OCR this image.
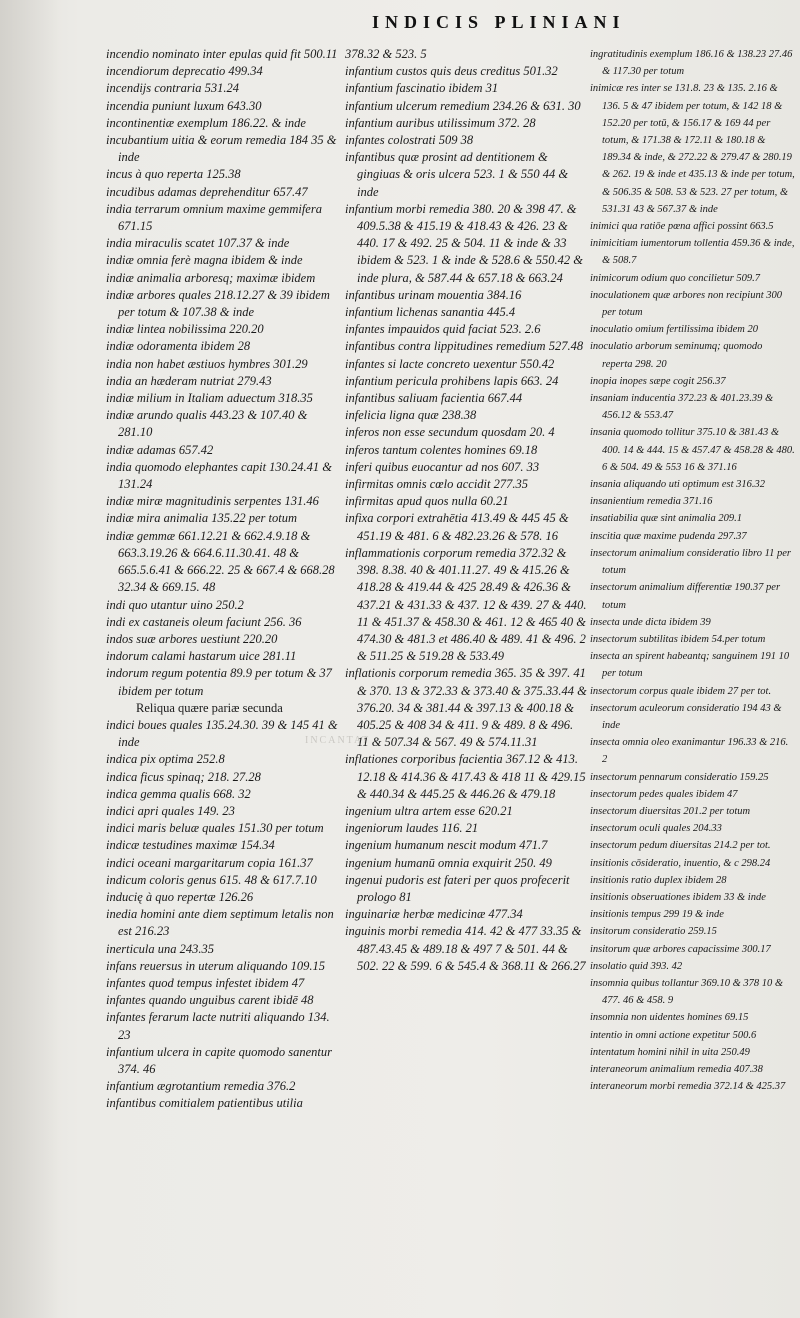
INDICIS PLINIANI
INCANTAT

incendio nominato inter epulas quid fit 500.11

incendiorum deprecatio 499.34

incendijs contraria 531.24

incendia puniunt luxum 643.30

incontinentiæ exemplum 186.22. & inde

incubantium uitia & eorum remedia 184 35 & inde

incus à quo reperta 125.38

incudibus adamas deprehenditur 657.47

india terrarum omnium maxime gemmifera 671.15

india miraculis scatet 107.37 & inde

indiæ omnia ferè magna ibidem & inde

indiæ animalia arboresq; maximæ ibidem

indiæ arbores quales 218.12.27 & 39 ibidem per totum & 107.38 & inde

indiæ lintea nobilissima 220.20

indiæ odoramenta ibidem 28

india non habet æstiuos hymbres 301.29

india an hæderam nutriat 279.43

indiæ milium in Italiam aduectum 318.35

indiæ arundo qualis 443.23 & 107.40 & 281.10

indiæ adamas 657.42

india quomodo elephantes capit 130.24.41 & 131.24

indiæ miræ magnitudinis serpentes 131.46

indiæ mira animalia 135.22 per totum

indiæ gemmæ 661.12.21 & 662.4.9.18 & 663.3.19.26 & 664.6.11.30.41. 48 & 665.5.6.41 & 666.22. 25 & 667.4 & 668.28 32.34 & 669.15. 48

indi quo utantur uino 250.2

indi ex castaneis oleum faciunt 256. 36

indos suæ arbores uestiunt 220.20

indorum calami hastarum uice 281.11

indorum regum potentia 89.9 per totum & 37 ibidem per totum

Reliqua quære pariæ secunda

indici boues quales 135.24.30. 39 & 145 41 & inde

indica pix optima 252.8

indica ficus spinaq; 218. 27.28

indica gemma qualis 668. 32

indici apri quales 149. 23

indici maris beluæ quales 151.30 per totum

indicæ testudines maximæ 154.34

indici oceani margaritarum copia 161.37

indicum coloris genus 615. 48 & 617.7.10

inducię à quo repertæ 126.26

inedia homini ante diem septimum letalis non est 216.23

inerticula una 243.35

infans reuersus in uterum aliquando 109.15

infantes quod tempus infestet ibidem 47

infantes quando unguibus carent ibidē 48

infantes ferarum lacte nutriti aliquando 134. 23

infantium ulcera in capite quomodo sanentur 374. 46

infantium ægrotantium remedia 376.2

infantibus comitialem patientibus utilia

378.32 & 523. 5

infantium custos quis deus creditus 501.32

infantium fascinatio ibidem 31

infantium ulcerum remedium 234.26 & 631. 30

infantium auribus utilissimum 372. 28

infantes colostrati 509 38

infantibus quæ prosint ad dentitionem & gingiuas & oris ulcera 523. 1 & 550 44 & inde

infantium morbi remedia 380. 20 & 398 47. & 409.5.38 & 415.19 & 418.43 & 426. 23 & 440. 17 & 492. 25 & 504. 11 & inde & 33 ibidem & 523. 1 & inde & 528.6 & 550.42 & inde plura, & 587.44 & 657.18 & 663.24

infantibus urinam mouentia 384.16

infantium lichenas sanantia 445.4

infantes impauidos quid faciat 523. 2.6

infantibus contra lippitudines remedium 527.48

infantes si lacte concreto uexentur 550.42

infantium pericula prohibens lapis 663. 24

infantibus saliuam facientia 667.44

infelicia ligna quæ 238.38

inferos non esse secundum quosdam 20. 4

inferos tantum colentes homines 69.18

inferi quibus euocantur ad nos 607. 33

infirmitas omnis cœlo accidit 277.35

infirmitas apud quos nulla 60.21

infixa corpori extrahētia 413.49 & 445 45 & 451.19 & 481. 6 & 482.23.26 & 578. 16

inflammationis corporum remedia 372.32 & 398. 8.38. 40 & 401.11.27. 49 & 415.26 & 418.28 & 419.44 & 425 28.49 & 426.36 & 437.21 & 431.33 & 437. 12 & 439. 27 & 440. 11 & 451.37 & 458.30 & 461. 12 & 465 40 & 474.30 & 481.3 et 486.40 & 489. 41 & 496. 2 & 511.25 & 519.28 & 533.49

inflationis corporum remedia 365. 35 & 397. 41 & 370. 13 & 372.33 & 373.40 & 375.33.44 & 376.20. 34 & 381.44 & 397.13 & 400.18 & 405.25 & 408 34 & 411. 9 & 489. 8 & 496. 11 & 507.34 & 567. 49 & 574.11.31

inflationes corporibus facientia 367.12 & 413. 12.18 & 414.36 & 417.43 & 418 11 & 429.15 & 440.34 & 445.25 & 446.26 & 479.18

ingenium ultra artem esse 620.21

ingeniorum laudes 116. 21

ingenium humanum nescit modum 471.7

ingenium humanū omnia exquirit 250. 49

ingenui pudoris est fateri per quos profecerit prologo 81

inguinariæ herbæ medicinæ 477.34

inguinis morbi remedia 414. 42 & 477 33.35 & 487.43.45 & 489.18 & 497 7 & 501. 44 & 502. 22 & 599. 6 & 545.4 & 368.11 & 266.27

ingratitudinis exemplum 186.16 & 138.23 27.46 & 117.30 per totum

inimicæ res inter se 131.8. 23 & 135. 2.16 & 136. 5 & 47 ibidem per totum, & 142 18 & 152.20 per totū, & 156.17 & 169 44 per totum, & 171.38 & 172.11 & 180.18 & 189.34 & inde, & 272.22 & 279.47 & 280.19 & 262. 19 & inde et 435.13 & inde per totum, & 506.35 & 508. 53 & 523. 27 per totum, & 531.31 43 & 567.37 & inde

inimici qua ratiōe pœna affici possint 663.5

inimicitiam iumentorum tollentia 459.36 & inde, & 508.7

inimicorum odium quo concilietur 509.7

inoculationem quæ arbores non recipiunt 300 per totum

inoculatio omium fertilissima ibidem 20

inoculatio arborum seminumq; quomodo reperta 298. 20

inopia inopes sæpe cogit 256.37

insaniam inducentia 372.23 & 401.23.39 & 456.12 & 553.47

insania quomodo tollitur 375.10 & 381.43 & 400. 14 & 444. 15 & 457.47 & 458.28 & 480. 6 & 504. 49 & 553 16 & 371.16

insania aliquando uti optimum est 316.32

insanientium remedia 371.16

insatiabilia quæ sint animalia 209.1

inscitia quæ maxime pudenda 297.37

insectorum animalium consideratio libro 11 per totum

insectorum animalium differentiæ 190.37 per totum

insecta unde dicta ibidem 39

insectorum subtilitas ibidem 54.per totum

insecta an spirent habeantq; sanguinem 191 10 per totum

insectorum corpus quale ibidem 27 per tot.

insectorum aculeorum consideratio 194 43 & inde

insecta omnia oleo exanimantur 196.33 & 216. 2

insectorum pennarum consideratio 159.25

insectorum pedes quales ibidem 47

insectorum diuersitas 201.2 per totum

insectorum oculi quales 204.33

insectorum pedum diuersitas 214.2 per tot.

insitionis cōsideratio, inuentio, & c 298.24

insitionis ratio duplex ibidem 28

insitionis obseruationes ibidem 33 & inde

insitionis tempus 299 19 & inde

insitorum consideratio 259.15

insitorum quæ arbores capacissime 300.17

insolatio quid 393. 42

insomnia quibus tollantur 369.10 & 378 10 & 477. 46 & 458. 9

insomnia non uidentes homines 69.15

intentio in omni actione expetitur 500.6

intentatum homini nihil in uita 250.49

interaneorum animalium remedia 407.38

interaneorum morbi remedia 372.14 & 425.37
